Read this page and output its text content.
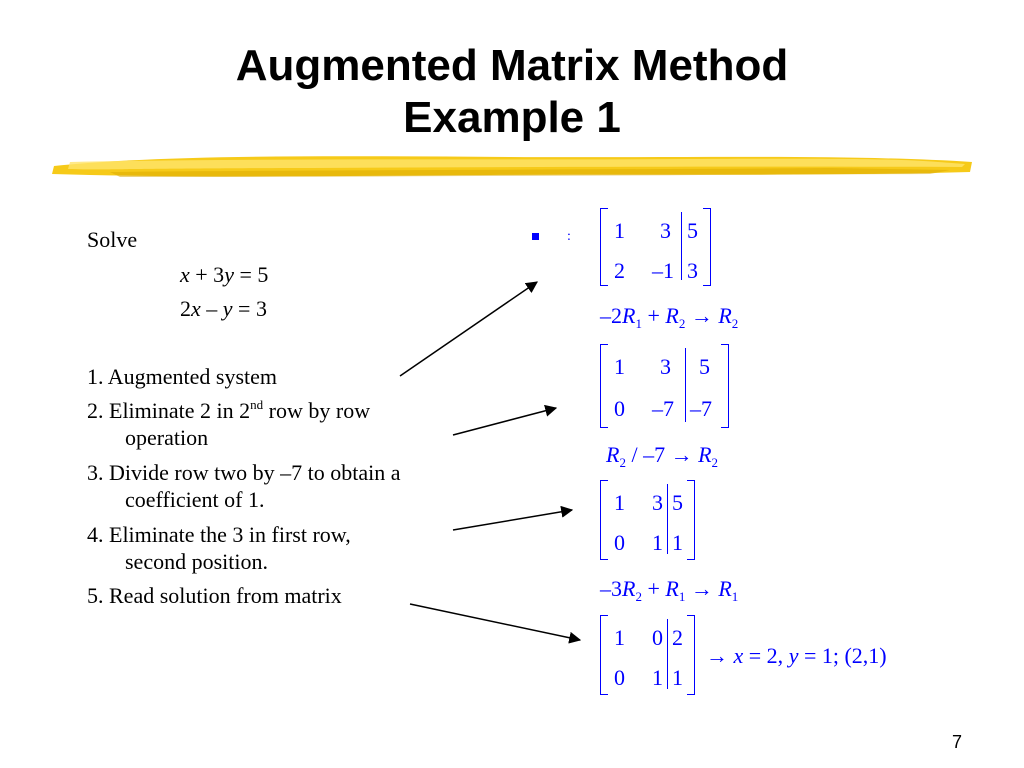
Augmented Matrix Method
Example 1
Solve
x + 3y = 5
2x – y = 3
1. Augmented system
2. Eliminate 2 in 2nd row by row
operation
3. Divide row two by –7 to obtain a
coefficient of 1.
4. Eliminate the 3 in first row,
second position.
5. Read solution from matrix
: 1 3 5
2 –1 3
$-2R_1 + R_2 \to R_2$
1 3 5
0 –7 –7
$R_2 / -7 \to R_2$
1 3 5
0 1 1
$-3R_2 + R_1 \to R_1$
1 0 2
0 1 1
→ x = 2, y = 1; (2,1)
7
